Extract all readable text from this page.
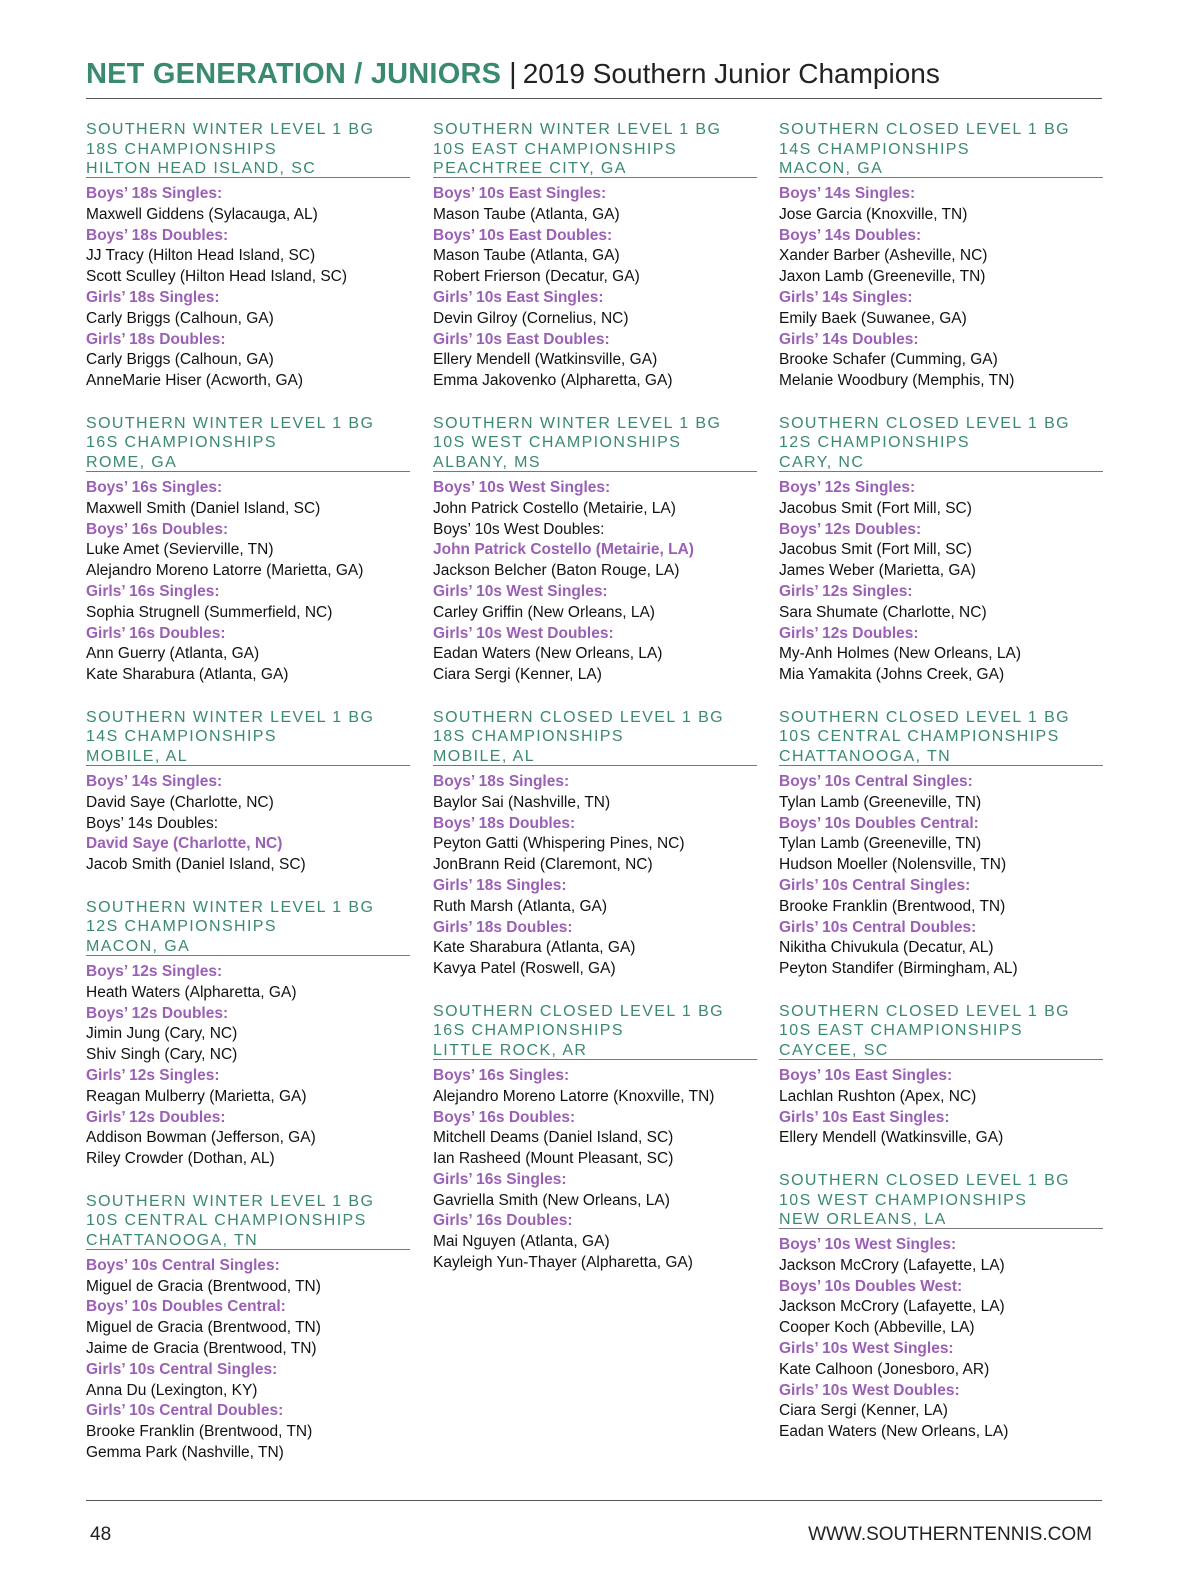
NET GENERATION / JUNIORS | 2019 Southern Junior Champions
SOUTHERN WINTER LEVEL 1 BG
18S CHAMPIONSHIPS
HILTON HEAD ISLAND, SC
Boys’ 18s Singles:
Maxwell Giddens (Sylacauga, AL)
Boys’ 18s Doubles:
JJ Tracy (Hilton Head Island, SC)
Scott Sculley (Hilton Head Island, SC)
Girls’ 18s Singles:
Carly Briggs (Calhoun, GA)
Girls’ 18s Doubles:
Carly Briggs (Calhoun, GA)
AnneMarie Hiser (Acworth, GA)
SOUTHERN WINTER LEVEL 1 BG
16S CHAMPIONSHIPS
ROME, GA
Boys’ 16s Singles:
Maxwell Smith (Daniel Island, SC)
Boys’ 16s Doubles:
Luke Amet (Sevierville, TN)
Alejandro Moreno Latorre (Marietta, GA)
Girls’ 16s Singles:
Sophia Strugnell (Summerfield, NC)
Girls’ 16s Doubles:
Ann Guerry (Atlanta, GA)
Kate Sharabura (Atlanta, GA)
SOUTHERN WINTER LEVEL 1 BG
14S CHAMPIONSHIPS
MOBILE, AL
Boys’ 14s Singles:
David Saye (Charlotte, NC)
Boys’ 14s Doubles:
David Saye (Charlotte, NC)
Jacob Smith (Daniel Island, SC)
SOUTHERN WINTER LEVEL 1 BG
12S CHAMPIONSHIPS
MACON, GA
Boys’ 12s Singles:
Heath Waters (Alpharetta, GA)
Boys’ 12s Doubles:
Jimin Jung (Cary, NC)
Shiv Singh (Cary, NC)
Girls’ 12s Singles:
Reagan Mulberry (Marietta, GA)
Girls’ 12s Doubles:
Addison Bowman (Jefferson, GA)
Riley Crowder (Dothan, AL)
SOUTHERN WINTER LEVEL 1 BG
10S CENTRAL CHAMPIONSHIPS
CHATTANOOGA, TN
Boys’ 10s Central Singles:
Miguel de Gracia (Brentwood, TN)
Boys’ 10s Doubles Central:
Miguel de Gracia (Brentwood, TN)
Jaime de Gracia (Brentwood, TN)
Girls’ 10s Central Singles:
Anna Du (Lexington, KY)
Girls’ 10s Central Doubles:
Brooke Franklin (Brentwood, TN)
Gemma Park (Nashville, TN)
SOUTHERN WINTER LEVEL 1 BG
10S EAST CHAMPIONSHIPS
PEACHTREE CITY, GA
Boys’ 10s East Singles:
Mason Taube (Atlanta, GA)
Boys’ 10s East Doubles:
Mason Taube (Atlanta, GA)
Robert Frierson (Decatur, GA)
Girls’ 10s East Singles:
Devin Gilroy (Cornelius, NC)
Girls’ 10s East Doubles:
Ellery Mendell (Watkinsville, GA)
Emma Jakovenko (Alpharetta, GA)
SOUTHERN WINTER LEVEL 1 BG
10S WEST CHAMPIONSHIPS
ALBANY, MS
Boys’ 10s West Singles:
John Patrick Costello (Metairie, LA)
Boys’ 10s West Doubles:
John Patrick Costello (Metairie, LA)
Jackson Belcher (Baton Rouge, LA)
Girls’ 10s West Singles:
Carley Griffin (New Orleans, LA)
Girls’ 10s West Doubles:
Eadan Waters (New Orleans, LA)
Ciara Sergi (Kenner, LA)
SOUTHERN CLOSED LEVEL 1 BG
18S CHAMPIONSHIPS
MOBILE, AL
Boys’ 18s Singles:
Baylor Sai (Nashville, TN)
Boys’ 18s Doubles:
Peyton Gatti (Whispering Pines, NC)
JonBrann Reid (Claremont, NC)
Girls’ 18s Singles:
Ruth Marsh (Atlanta, GA)
Girls’ 18s Doubles:
Kate Sharabura (Atlanta, GA)
Kavya Patel (Roswell, GA)
SOUTHERN CLOSED LEVEL 1 BG
16S CHAMPIONSHIPS
LITTLE ROCK, AR
Boys’ 16s Singles:
Alejandro Moreno Latorre (Knoxville, TN)
Boys’ 16s Doubles:
Mitchell Deams (Daniel Island, SC)
Ian Rasheed (Mount Pleasant, SC)
Girls’ 16s Singles:
Gavriella Smith (New Orleans, LA)
Girls’ 16s Doubles:
Mai Nguyen (Atlanta, GA)
Kayleigh Yun-Thayer (Alpharetta, GA)
SOUTHERN CLOSED LEVEL 1 BG
14S CHAMPIONSHIPS
MACON, GA
Boys’ 14s Singles:
Jose Garcia (Knoxville, TN)
Boys’ 14s Doubles:
Xander Barber (Asheville, NC)
Jaxon Lamb (Greeneville, TN)
Girls’ 14s Singles:
Emily Baek (Suwanee, GA)
Girls’ 14s Doubles:
Brooke Schafer (Cumming, GA)
Melanie Woodbury (Memphis, TN)
SOUTHERN CLOSED LEVEL 1 BG
12S CHAMPIONSHIPS
CARY, NC
Boys’ 12s Singles:
Jacobus Smit (Fort Mill, SC)
Boys’ 12s Doubles:
Jacobus Smit (Fort Mill, SC)
James Weber (Marietta, GA)
Girls’ 12s Singles:
Sara Shumate (Charlotte, NC)
Girls’ 12s Doubles:
My-Anh Holmes (New Orleans, LA)
Mia Yamakita (Johns Creek, GA)
SOUTHERN CLOSED LEVEL 1 BG
10S CENTRAL CHAMPIONSHIPS
CHATTANOOGA, TN
Boys’ 10s Central Singles:
Tylan Lamb (Greeneville, TN)
Boys’ 10s Doubles Central:
Tylan Lamb (Greeneville, TN)
Hudson Moeller (Nolensville, TN)
Girls’ 10s Central Singles:
Brooke Franklin (Brentwood, TN)
Girls’ 10s Central Doubles:
Nikitha Chivukula (Decatur, AL)
Peyton Standifer (Birmingham, AL)
SOUTHERN CLOSED LEVEL 1 BG
10S EAST CHAMPIONSHIPS
CAYCEE, SC
Boys’ 10s East Singles:
Lachlan Rushton (Apex, NC)
Girls’ 10s East Singles:
Ellery Mendell (Watkinsville, GA)
SOUTHERN CLOSED LEVEL 1 BG
10S WEST CHAMPIONSHIPS
NEW ORLEANS, LA
Boys’ 10s West Singles:
Jackson McCrory (Lafayette, LA)
Boys’ 10s Doubles West:
Jackson McCrory (Lafayette, LA)
Cooper Koch (Abbeville, LA)
Girls’ 10s West Singles:
Kate Calhoon (Jonesboro, AR)
Girls’ 10s West Doubles:
Ciara Sergi (Kenner, LA)
Eadan Waters (New Orleans, LA)
48	WWW.SOUTHERNTENNIS.COM
